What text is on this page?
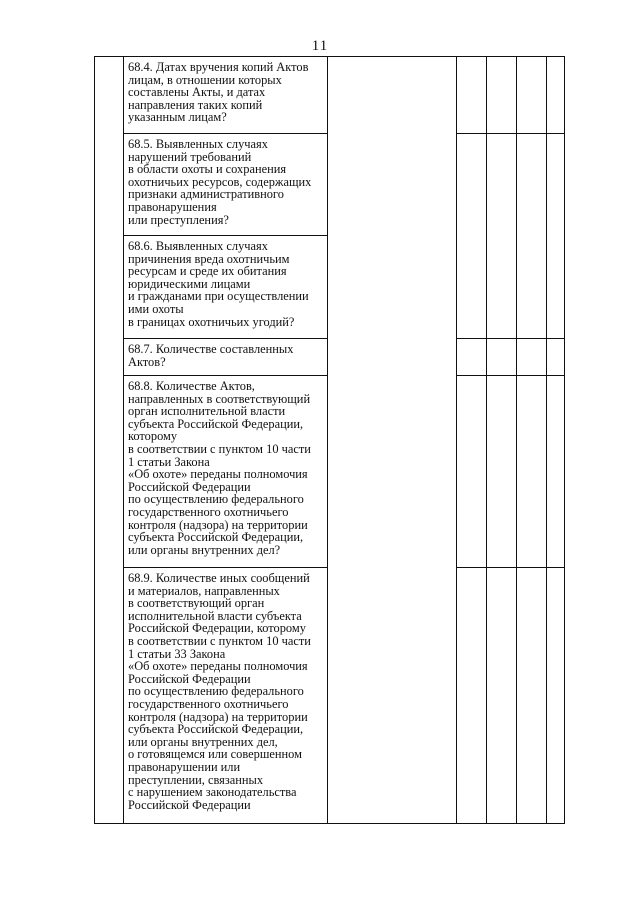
11
68.4. Датах вручения копий Актов
лицам, в отношении которых
составлены Акты, и датах
направления таких копий
указанным лицам?
68.5. Выявленных случаях
нарушений требований
в области охоты и сохранения
охотничьих ресурсов, содержащих
признаки административного
правонарушения
или преступления?
68.6. Выявленных случаях
причинения вреда охотничьим
ресурсам и среде их обитания
юридическими лицами
и гражданами при осуществлении
ими охоты
в границах охотничьих угодий?
68.7. Количестве составленных
Актов?
68.8. Количестве Актов,
направленных в соответствующий
орган исполнительной власти
субъекта Российской Федерации,
которому
в соответствии с пунктом 10 части
1 статьи Закона
«Об охоте» переданы полномочия
Российской Федерации
по осуществлению федерального
государственного охотничьего
контроля (надзора) на территории
субъекта Российской Федерации,
или органы внутренних дел?
68.9. Количестве иных сообщений
и материалов, направленных
в соответствующий орган
исполнительной власти субъекта
Российской Федерации, которому
в соответствии с пунктом 10 части
1 статьи 33 Закона
«Об охоте» переданы полномочия
Российской Федерации
по осуществлению федерального
государственного охотничьего
контроля (надзора) на территории
субъекта Российской Федерации,
или органы внутренних дел,
о готовящемся или совершенном
правонарушении или
преступлении, связанных
с нарушением законодательства
Российской Федерации
